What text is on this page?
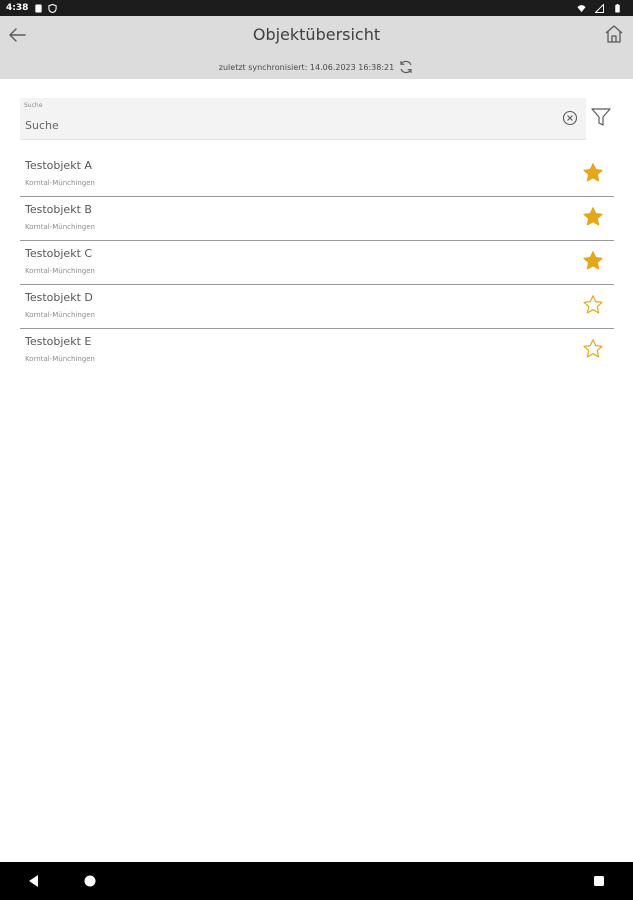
4:38
Objektübersicht
zuletzt synchronisiert: 14.06.2023 16:38:21
Suche
Suche
Testobjekt A
Korntal-Münchingen
Testobjekt B
Korntal-Münchingen
Testobjekt C
Korntal-Münchingen
Testobjekt D
Korntal-Münchingen
Testobjekt E
Korntal-Münchingen
